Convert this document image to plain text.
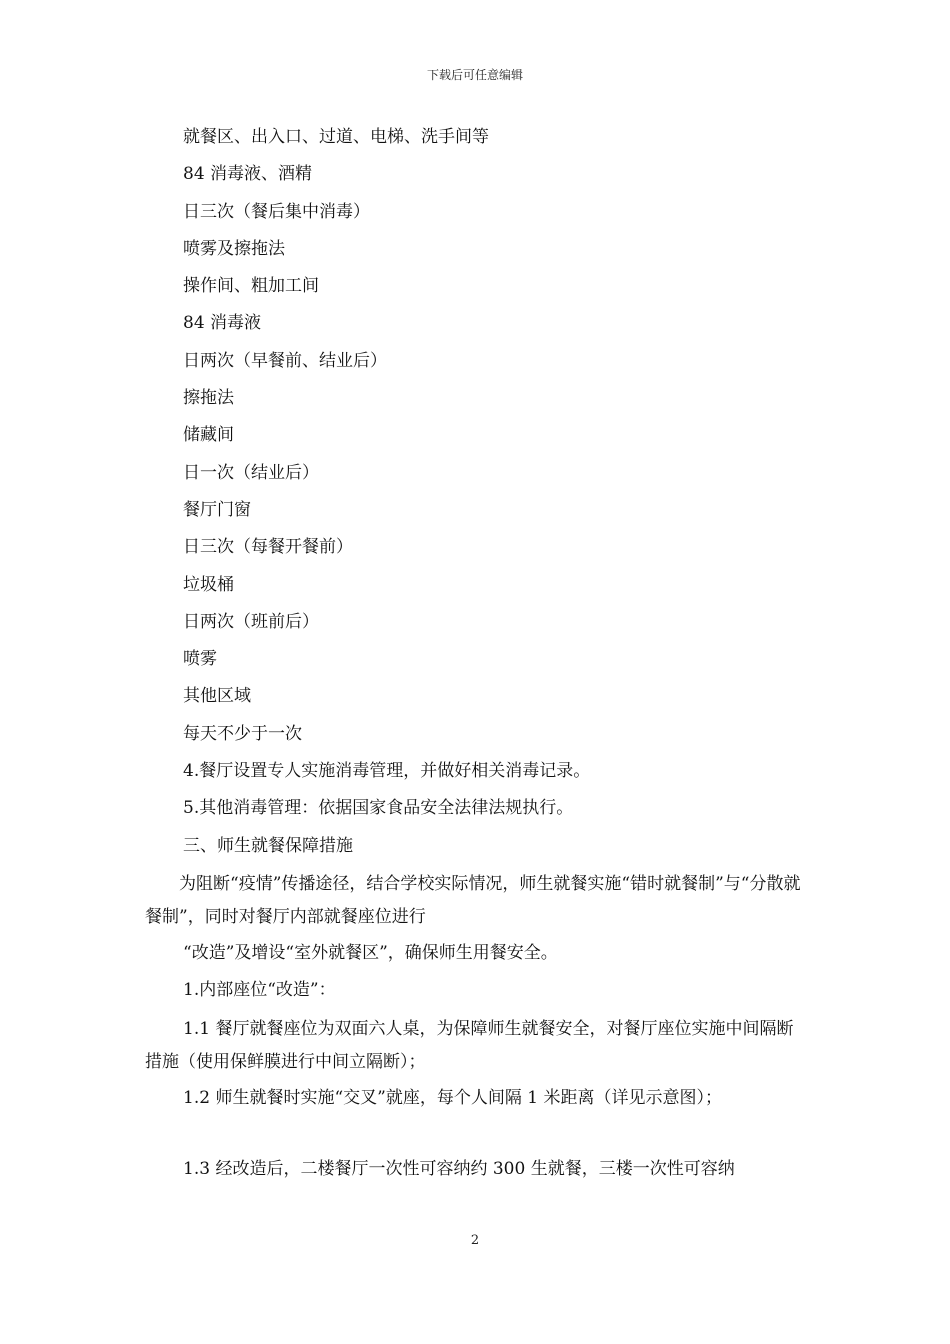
下载后可任意编辑
就餐区、出入口、过道、电梯、洗手间等
84 消毒液、酒精
日三次（餐后集中消毒）
喷雾及擦拖法
操作间、粗加工间
84 消毒液
日两次（早餐前、结业后）
擦拖法
储藏间
日一次（结业后）
餐厅门窗
日三次（每餐开餐前）
垃圾桶
日两次（班前后）
喷雾
其他区域
每天不少于一次
4.餐厅设置专人实施消毒管理，并做好相关消毒记录。
5.其他消毒管理：依据国家食品安全法律法规执行。
三、师生就餐保障措施
为阻断“疫情”传播途径，结合学校实际情况，师生就餐实施“错时就餐制”与“分散就餐制”，同时对餐厅内部就餐座位进行
“改造”及增设“室外就餐区”，确保师生用餐安全。
1.内部座位“改造”：
1.1 餐厅就餐座位为双面六人桌，为保障师生就餐安全，对餐厅座位实施中间隔断措施（使用保鲜膜进行中间立隔断）；
1.2 师生就餐时实施“交叉”就座，每个人间隔 1 米距离（详见示意图）；
1.3 经改造后，二楼餐厅一次性可容纳约 300 生就餐，三楼一次性可容纳
2
